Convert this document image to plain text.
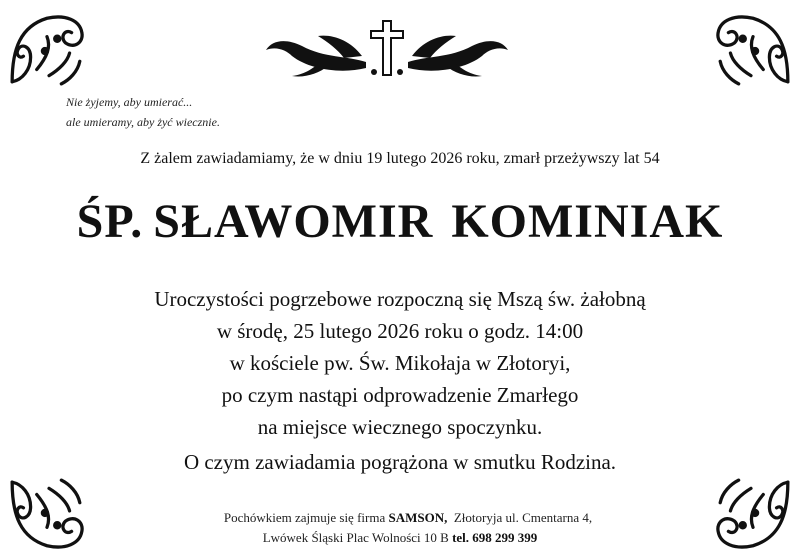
Nie żyjemy, aby umierać...
ale umieramy, aby żyć wiecznie.
Z żalem zawiadamiamy, że w dniu 19 lutego 2026 roku, zmarł przeżywszy lat 54
ŚP. SŁAWOMIR KOMINIAK
Uroczystości pogrzebowe rozpoczną się Mszą św. żałobną
w środę, 25 lutego 2026 roku o godz. 14:00
w kościele pw. Św. Mikołaja w Złotoryi,
po czym nastąpi odprowadzenie Zmarłego
na miejsce wiecznego spoczynku.
O czym zawiadamia pogrążona w smutku Rodzina.
Pochówkiem zajmuje się firma SAMSON, Złotoryja ul. Cmentarna 4,
Lwówek Śląski Plac Wolności 10 B tel. 698 299 399
